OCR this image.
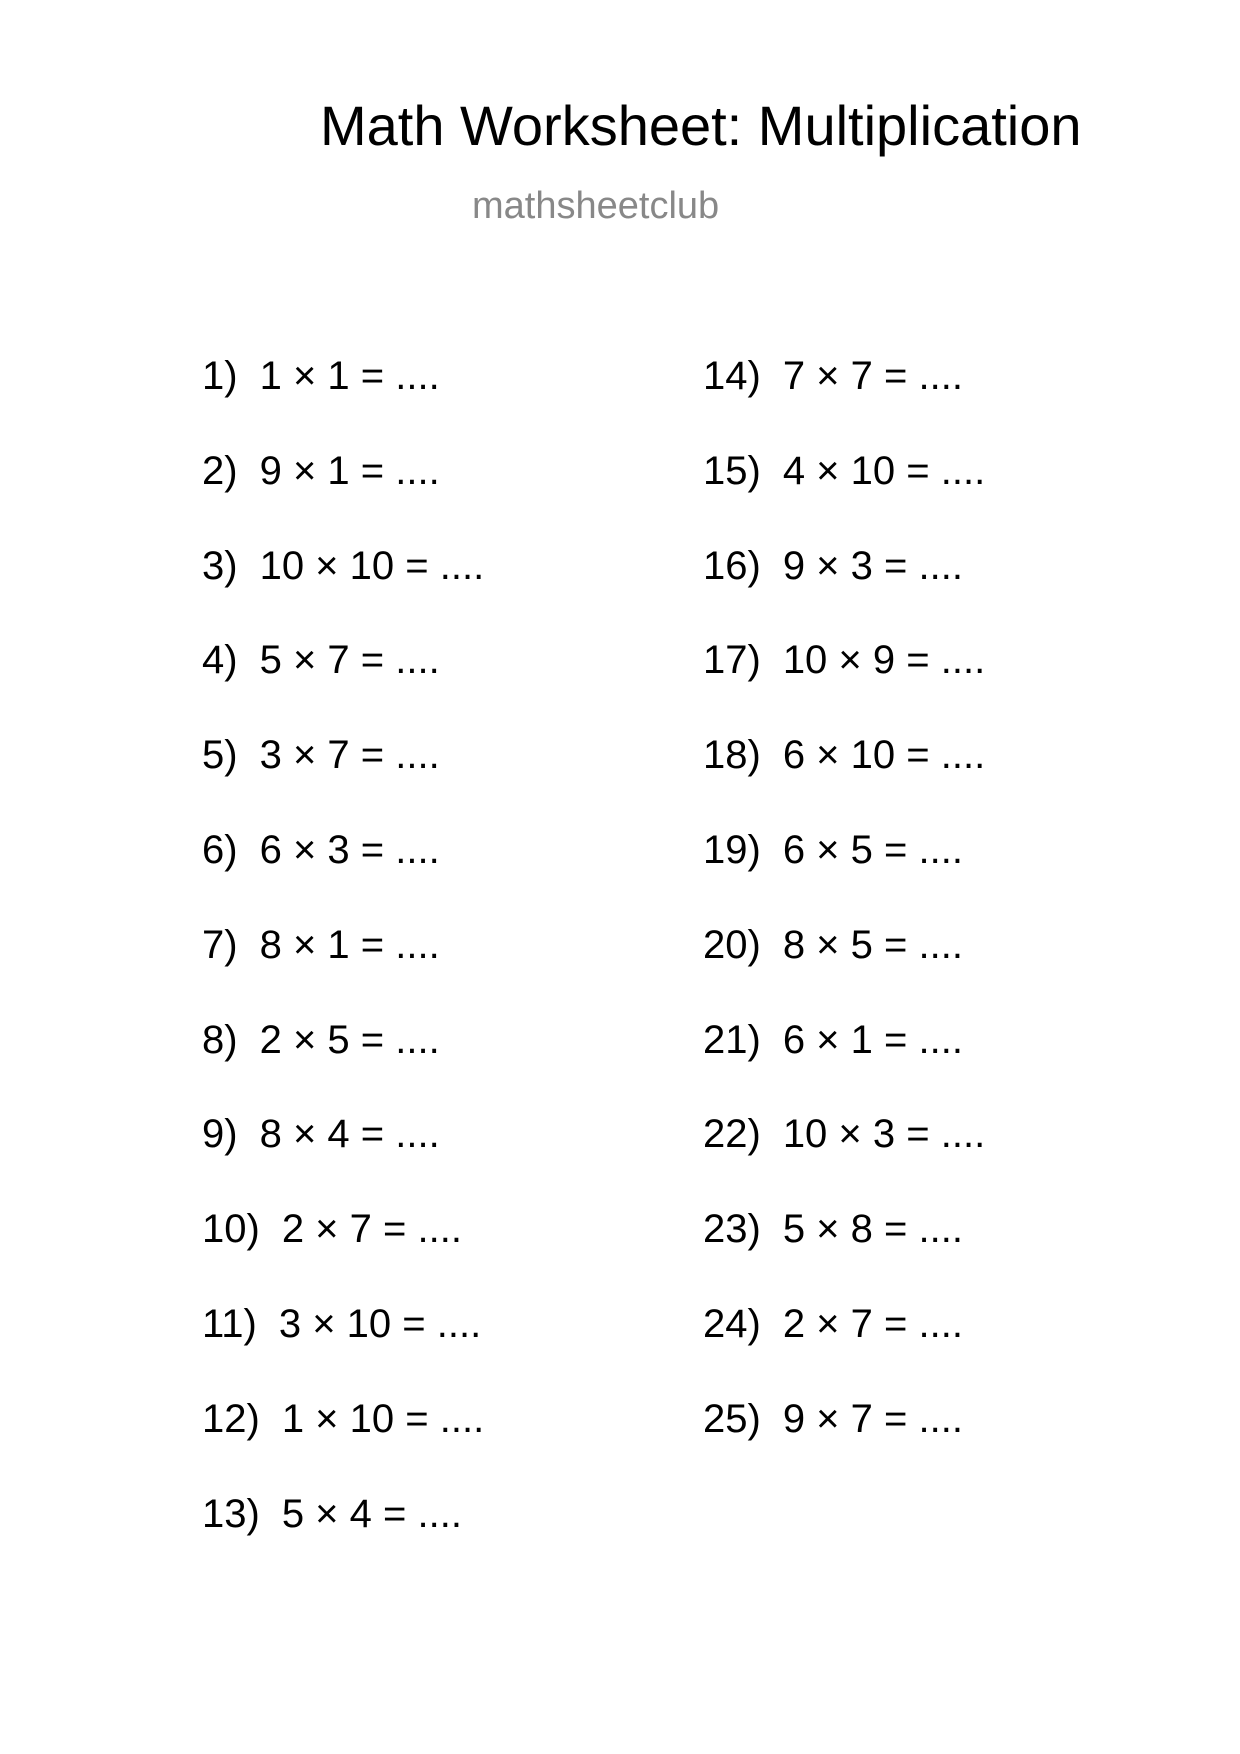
Math Worksheet: Multiplication
mathsheetclub
1) 1 × 1 = ....
2) 9 × 1 = ....
3) 10 × 10 = ....
4) 5 × 7 = ....
5) 3 × 7 = ....
6) 6 × 3 = ....
7) 8 × 1 = ....
8) 2 × 5 = ....
9) 8 × 4 = ....
10) 2 × 7 = ....
11) 3 × 10 = ....
12) 1 × 10 = ....
13) 5 × 4 = ....
14) 7 × 7 = ....
15) 4 × 10 = ....
16) 9 × 3 = ....
17) 10 × 9 = ....
18) 6 × 10 = ....
19) 6 × 5 = ....
20) 8 × 5 = ....
21) 6 × 1 = ....
22) 10 × 3 = ....
23) 5 × 8 = ....
24) 2 × 7 = ....
25) 9 × 7 = ....
